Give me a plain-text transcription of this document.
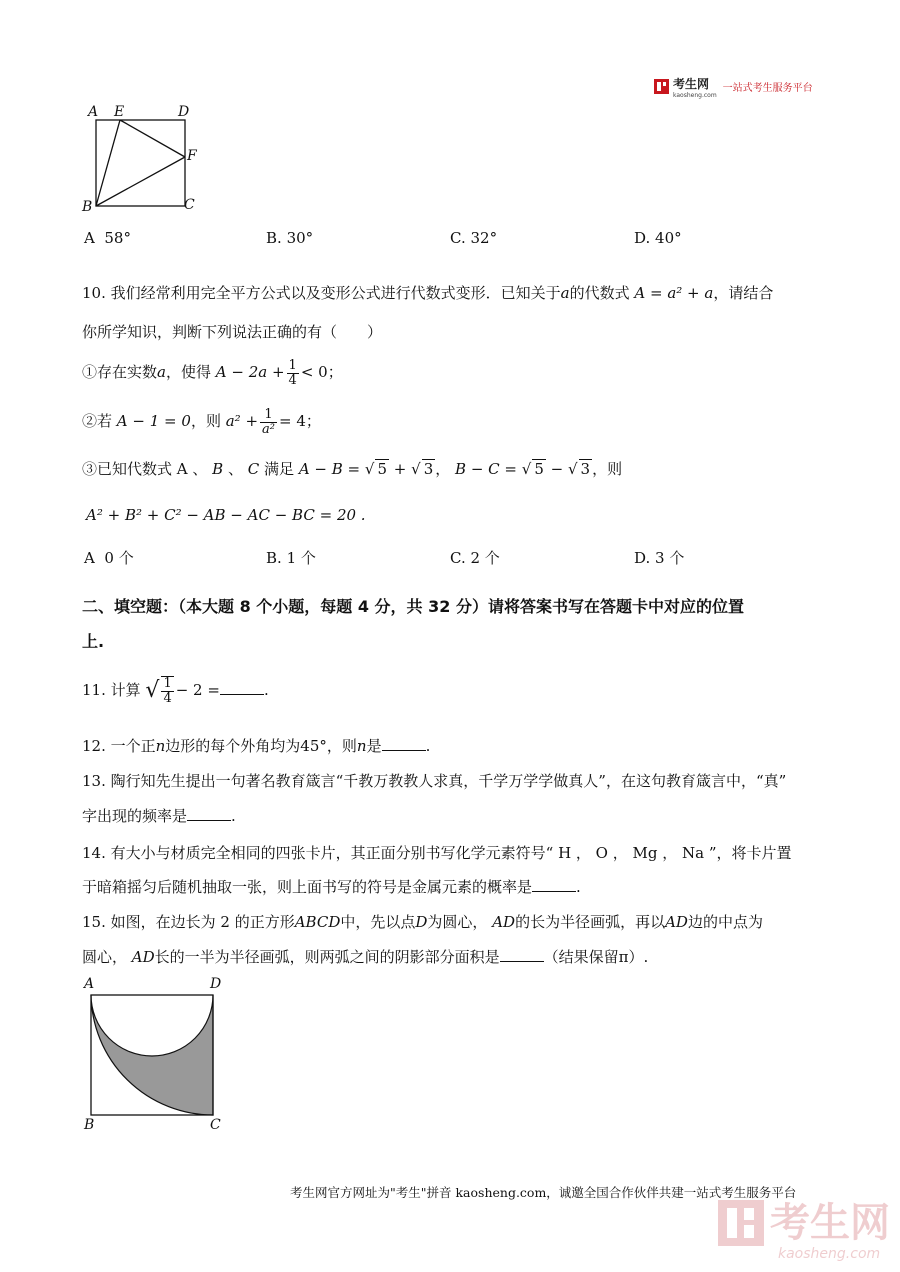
考生网
kaosheng.com
一站式考生服务平台
A E	D
F
B	C
A 58°	B. 30°	C. 32°	D. 40°
10. 我们经常利用完全平方公式以及变形公式进行代数式变形．已知关于a的代数式 A = a² + a，请结合
你所学知识，判断下列说法正确的有（　　）
①存在实数a，使得 $A - 2a + \frac{1}{4} < 0$；
②若 A − 1 = 0，则 $a^2 + \frac{1}{\text{a²}} = 4$；
③已知代数式 A 、 B 、 C 满足 A − B = √ 5 + √ 3 ， B − C = √ 5 − √ 3 ，则
A² + B² + C² − AB − AC − BC = 20 .
A 0 个	B. 1 个	C. 2 个	D. 3 个
二、填空题：（本大题 8 个小题，每题 4 分，共 32 分）请将答案书写在答题卡中对应的位置
上.
11. 计算 √ $\frac{1}{4} - 2$ =	.
12. 一个正n边形的每个外角均为45°，则n是	.
13. 陶行知先生提出一句著名教育箴言“千教万教教人求真，千学万学学做真人”，在这句教育箴言中，“真”
字出现的频率是	.
14. 有大小与材质完全相同的四张卡片，其正面分别书写化学元素符号“ H ， O ， Mg ， Na ”，将卡片置
于暗箱摇匀后随机抽取一张，则上面书写的符号是金属元素的概率是	.
15. 如图，在边长为 2 的正方形ABCD中，先以点D为圆心， AD的长为半径画弧，再以AD边的中点为
圆心， AD长的一半为半径画弧，则两弧之间的阴影部分面积是	（结果保留π）.
A	D
B	C
考生网官方网址为"考生"拼音 kaosheng.com，诚邀全国合作伙伴共建一站式考生服务平台
考生网
kaosheng.com
